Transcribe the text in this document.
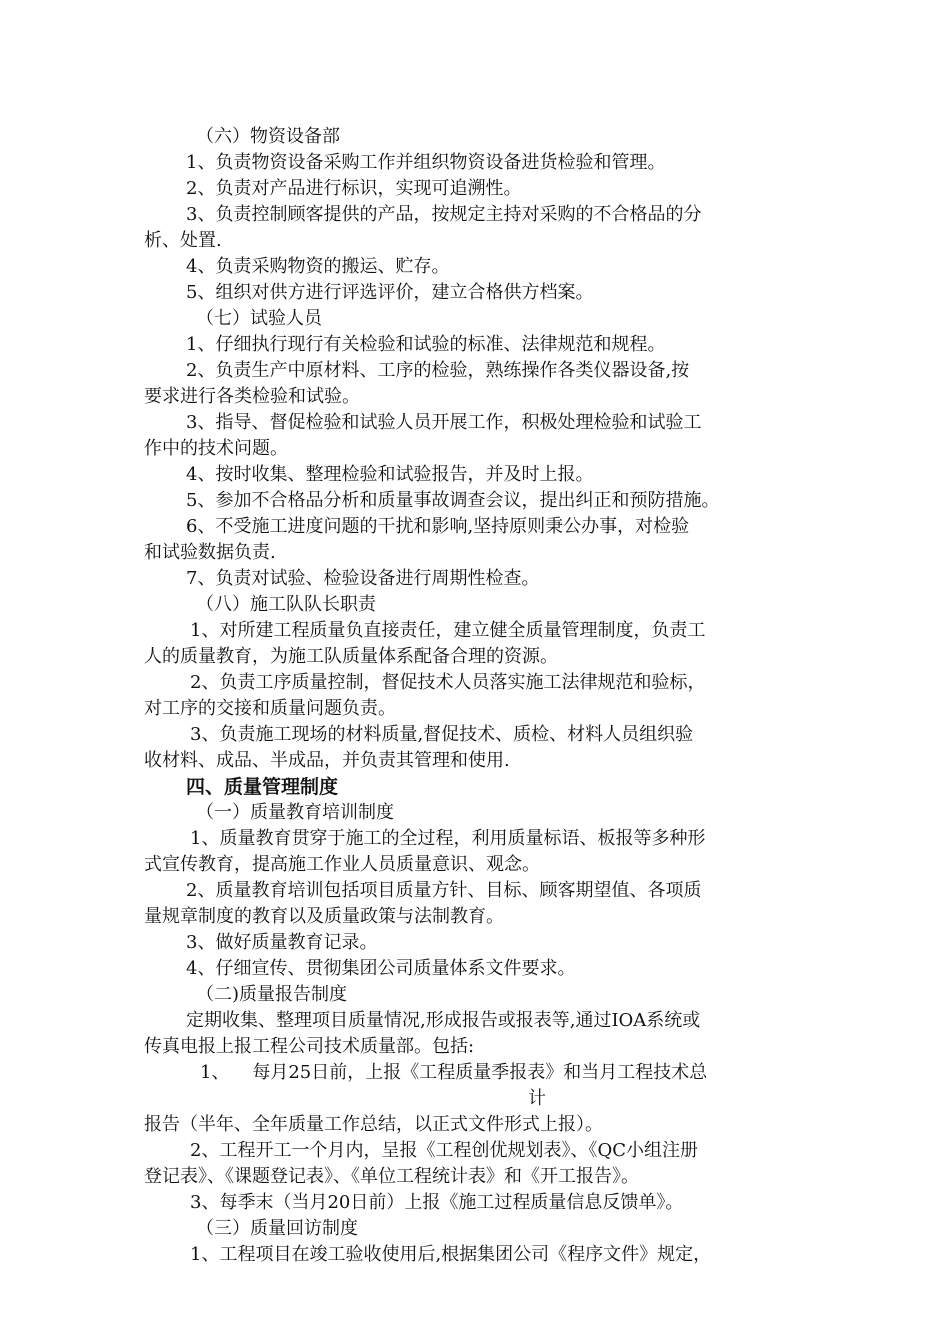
（六）物资设备部
1、负责物资设备采购工作并组织物资设备进货检验和管理。
2、负责对产品进行标识，实现可追溯性。
3、负责控制顾客提供的产品，按规定主持对采购的不合格品的分
析、处置.
4、负责采购物资的搬运、贮存。
5、组织对供方进行评选评价，建立合格供方档案。
（七）试验人员
1、仔细执行现行有关检验和试验的标准、法律规范和规程。
2、负责生产中原材料、工序的检验，熟练操作各类仪器设备,按
要求进行各类检验和试验。
3、指导、督促检验和试验人员开展工作，积极处理检验和试验工
作中的技术问题。
4、按时收集、整理检验和试验报告，并及时上报。
5、参加不合格品分析和质量事故调查会议，提出纠正和预防措施。
6、不受施工进度问题的干扰和影响,坚持原则秉公办事，对检验
和试验数据负责.
7、负责对试验、检验设备进行周期性检查。
（八）施工队队长职责
1、对所建工程质量负直接责任，建立健全质量管理制度，负责工
人的质量教育，为施工队质量体系配备合理的资源。
2、负责工序质量控制，督促技术人员落实施工法律规范和验标，
对工序的交接和质量问题负责。
3、负责施工现场的材料质量,督促技术、质检、材料人员组织验
收材料、成品、半成品，并负责其管理和使用.
四、质量管理制度
（一）质量教育培训制度
1、质量教育贯穿于施工的全过程，利用质量标语、板报等多种形
式宣传教育，提高施工作业人员质量意识、观念。
2、质量教育培训包括项目质量方针、目标、顾客期望值、各项质
量规章制度的教育以及质量政策与法制教育。
3、做好质量教育记录。
4、仔细宣传、贯彻集团公司质量体系文件要求。
（二)质量报告制度
定期收集、整理项目质量情况,形成报告或报表等,通过IOA系统或
传真电报上报工程公司技术质量部。包括:
1、    每月25日前，上报《工程质量季报表》和当月工程技术总
计
报告（半年、全年质量工作总结，以正式文件形式上报）。
2、工程开工一个月内，呈报《工程创优规划表》、《QC小组注册
登记表》、《课题登记表》、《单位工程统计表》和《开工报告》。
3、每季末（当月20日前）上报《施工过程质量信息反馈单》。
（三）质量回访制度
1、工程项目在竣工验收使用后,根据集团公司《程序文件》规定，
